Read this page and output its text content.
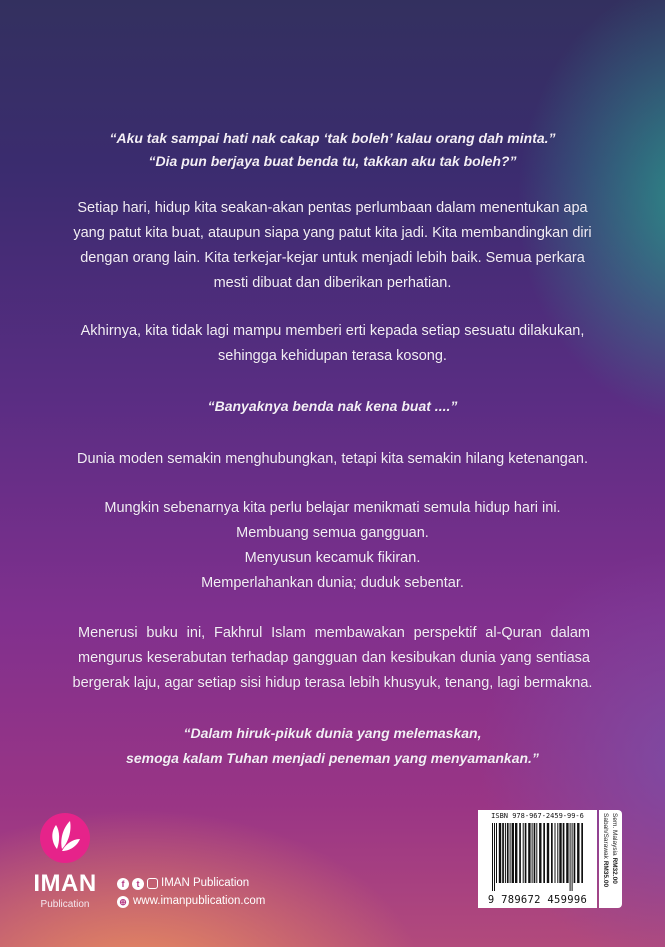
“Aku tak sampai hati nak cakap ‘tak boleh’ kalau orang dah minta.”
“Dia pun berjaya buat benda tu, takkan aku tak boleh?”
Setiap hari, hidup kita seakan-akan pentas perlumbaan dalam menentukan apa
yang patut kita buat, ataupun siapa yang patut kita jadi. Kita membandingkan diri
dengan orang lain. Kita terkejar-kejar untuk menjadi lebih baik. Semua perkara
mesti dibuat dan diberikan perhatian.
Akhirnya, kita tidak lagi mampu memberi erti kepada setiap sesuatu dilakukan,
sehingga kehidupan terasa kosong.
“Banyaknya benda nak kena buat ....”
Dunia moden semakin menghubungkan, tetapi kita semakin hilang ketenangan.
Mungkin sebenarnya kita perlu belajar menikmati semula hidup hari ini.
Membuang semua gangguan.
Menyusun kecamuk fikiran.
Memperlahankan dunia; duduk sebentar.
Menerusi buku ini, Fakhrul Islam membawakan perspektif al-Quran dalam
mengurus keserabutan terhadap gangguan dan kesibukan dunia yang sentiasa
bergerak laju, agar setiap sisi hidup terasa lebih khusyuk, tenang, lagi bermakna.
“Dalam hiruk-pikuk dunia yang melemaskan,
semoga kalam Tuhan menjadi peneman yang menyamankan.”
IMAN
Publication
f	t	IMAN Publication
⊕ www.imanpublication.com
ISBN 978-967-2459-99-6
9 789672 459996
Sem. Malaysia RM32.00
Sabah/Sarawak RM35.00
